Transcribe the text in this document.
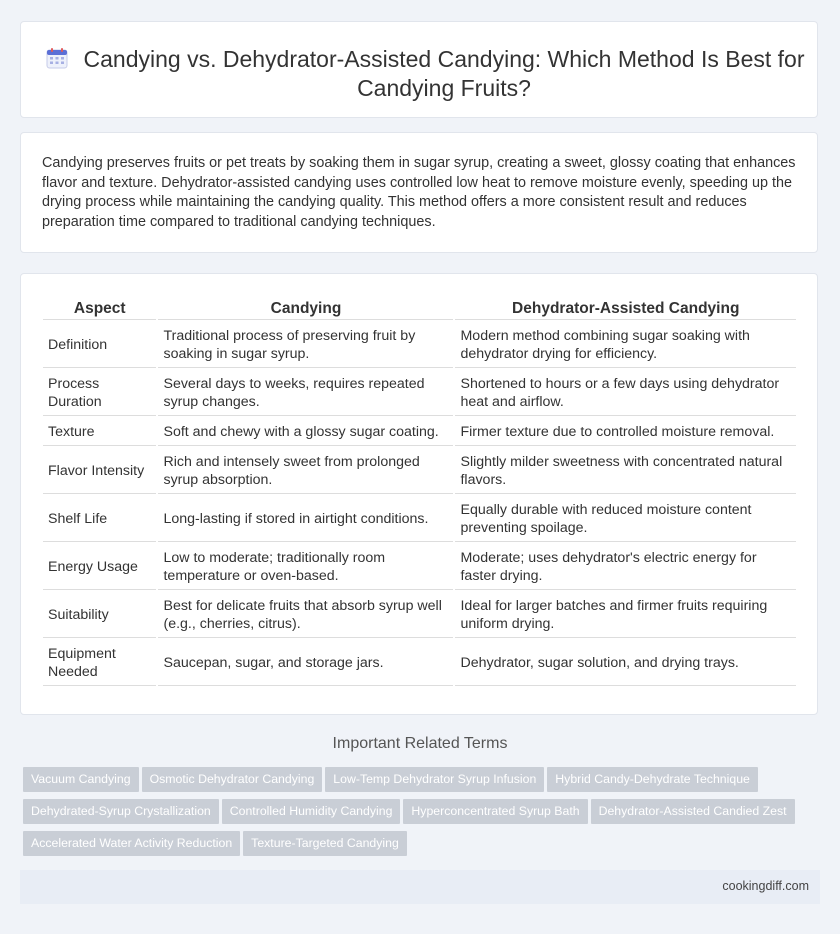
Candying vs. Dehydrator-Assisted Candying: Which Method Is Best for Candying Fruits?

Candying preserves fruits or pet treats by soaking them in sugar syrup, creating a sweet, glossy coating that enhances flavor and texture. Dehydrator-assisted candying uses controlled low heat to remove moisture evenly, speeding up the drying process while maintaining the candying quality. This method offers a more consistent result and reduces preparation time compared to traditional candying techniques.

Aspect	Candying	Dehydrator-Assisted Candying
Definition	Traditional process of preserving fruit by soaking in sugar syrup.	Modern method combining sugar soaking with dehydrator drying for efficiency.
Process Duration	Several days to weeks, requires repeated syrup changes.	Shortened to hours or a few days using dehydrator heat and airflow.
Texture	Soft and chewy with a glossy sugar coating.	Firmer texture due to controlled moisture removal.
Flavor Intensity	Rich and intensely sweet from prolonged syrup absorption.	Slightly milder sweetness with concentrated natural flavors.
Shelf Life	Long-lasting if stored in airtight conditions.	Equally durable with reduced moisture content preventing spoilage.
Energy Usage	Low to moderate; traditionally room temperature or oven-based.	Moderate; uses dehydrator's electric energy for faster drying.
Suitability	Best for delicate fruits that absorb syrup well (e.g., cherries, citrus).	Ideal for larger batches and firmer fruits requiring uniform drying.
Equipment Needed	Saucepan, sugar, and storage jars.	Dehydrator, sugar solution, and drying trays.
Important Related Terms
Vacuum Candying Osmotic Dehydrator Candying Low-Temp Dehydrator Syrup Infusion Hybrid Candy-Dehydrate Technique
Dehydrated-Syrup Crystallization Controlled Humidity Candying Hyperconcentrated Syrup Bath Dehydrator-Assisted Candied Zest
Accelerated Water Activity Reduction Texture-Targeted Candying
cookingdiff.com
